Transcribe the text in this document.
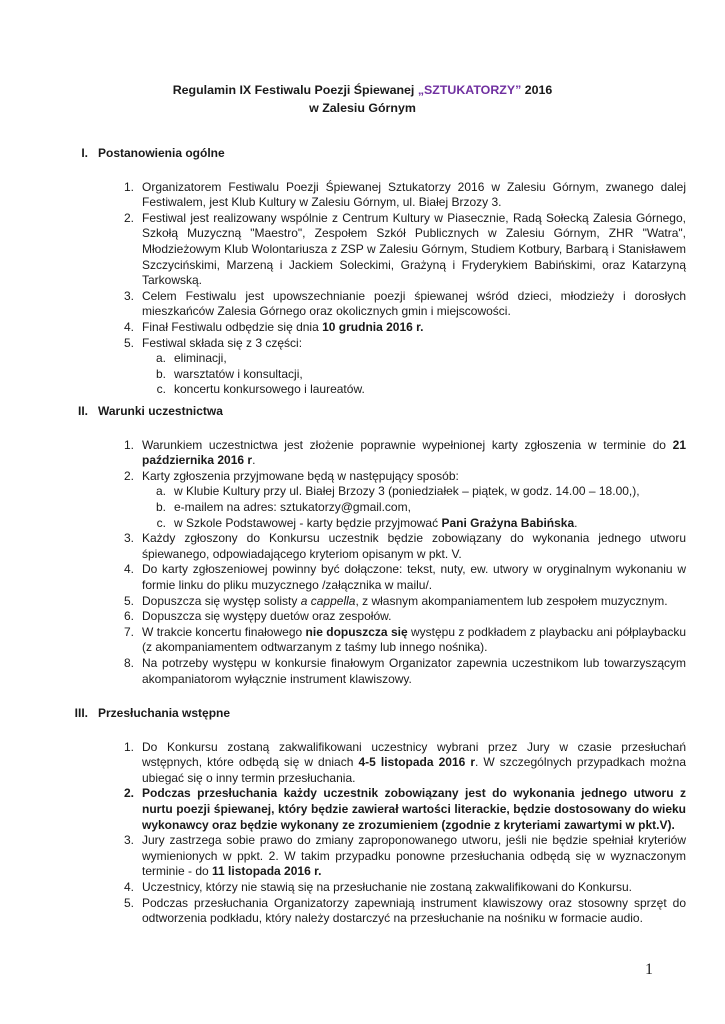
Regulamin IX Festiwalu Poezji Śpiewanej „SZTUKATORZY” 2016
w Zalesiu Górnym
I. Postanowienia ogólne
1. Organizatorem Festiwalu Poezji Śpiewanej Sztukatorzy 2016 w Zalesiu Górnym, zwanego dalej Festiwalem, jest Klub Kultury w Zalesiu Górnym, ul. Białej Brzozy 3.
2. Festiwal jest realizowany wspólnie z Centrum Kultury w Piasecznie, Radą Sołecką Zalesia Górnego, Szkołą Muzyczną "Maestro", Zespołem Szkół Publicznych w Zalesiu Górnym, ZHR "Watra", Młodzieżowym Klub Wolontariusza z ZSP w Zalesiu Górnym, Studiem Kotbury, Barbarą i Stanisławem Szczycińskimi, Marzeną i Jackiem Soleckimi, Grażyną i Fryderykiem Babińskimi, oraz Katarzyną Tarkowską.
3. Celem Festiwalu jest upowszechnianie poezji śpiewanej wśród dzieci, młodzieży i dorosłych mieszkańców Zalesia Górnego oraz okolicznych gmin i miejscowości.
4. Finał Festiwalu odbędzie się dnia 10 grudnia 2016 r.
5. Festiwal składa się z 3 części:
a. eliminacji,
b. warsztatów i konsultacji,
c. koncertu konkursowego i laureatów.
II. Warunki uczestnictwa
1. Warunkiem uczestnictwa jest złożenie poprawnie wypełnionej karty zgłoszenia w terminie do 21 października 2016 r.
2. Karty zgłoszenia przyjmowane będą w następujący sposób:
a. w Klubie Kultury przy ul. Białej Brzozy 3 (poniedziałek – piątek, w godz. 14.00 – 18.00,),
b. e-mailem na adres: sztukatorzy@gmail.com,
c. w Szkole Podstawowej - karty będzie przyjmować Pani Grażyna Babińska.
3. Każdy zgłoszony do Konkursu uczestnik będzie zobowiązany do wykonania jednego utworu śpiewanego, odpowiadającego kryteriom opisanym w pkt. V.
4. Do karty zgłoszeniowej powinny być dołączone: tekst, nuty, ew. utwory w oryginalnym wykonaniu w formie linku do pliku muzycznego /załącznika w mailu/.
5. Dopuszcza się występ solisty a cappella, z własnym akompaniamentem lub zespołem muzycznym.
6. Dopuszcza się występy duetów oraz zespołów.
7. W trakcie koncertu finałowego nie dopuszcza się występu z podkładem z playbacku ani półplaybacku (z akompaniamentem odtwarzanym z taśmy lub innego nośnika).
8. Na potrzeby występu w konkursie finałowym Organizator zapewnia uczestnikom lub towarzyszącym akompaniatorom wyłącznie instrument klawiszowy.
III. Przesłuchania wstępne
1. Do Konkursu zostaną zakwalifikowani uczestnicy wybrani przez Jury w czasie przesłuchań wstępnych, które odbędą się w dniach 4-5 listopada 2016 r. W szczególnych przypadkach można ubiegać się o inny termin przesłuchania.
2. Podczas przesłuchania każdy uczestnik zobowiązany jest do wykonania jednego utworu z nurtu poezji śpiewanej, który będzie zawierał wartości literackie, będzie dostosowany do wieku wykonawcy oraz będzie wykonany ze zrozumieniem (zgodnie z kryteriami zawartymi w pkt.V).
3. Jury zastrzega sobie prawo do zmiany zaproponowanego utworu, jeśli nie będzie spełniał kryteriów wymienionych w ppkt. 2. W takim przypadku ponowne przesłuchania odbędą się w wyznaczonym terminie - do 11 listopada 2016 r.
4. Uczestnicy, którzy nie stawią się na przesłuchanie nie zostaną zakwalifikowani do Konkursu.
5. Podczas przesłuchania Organizatorzy zapewniają instrument klawiszowy oraz stosowny sprzęt do odtworzenia podkładu, który należy dostarczyć na przesłuchanie na nośniku w formacie audio.
1
